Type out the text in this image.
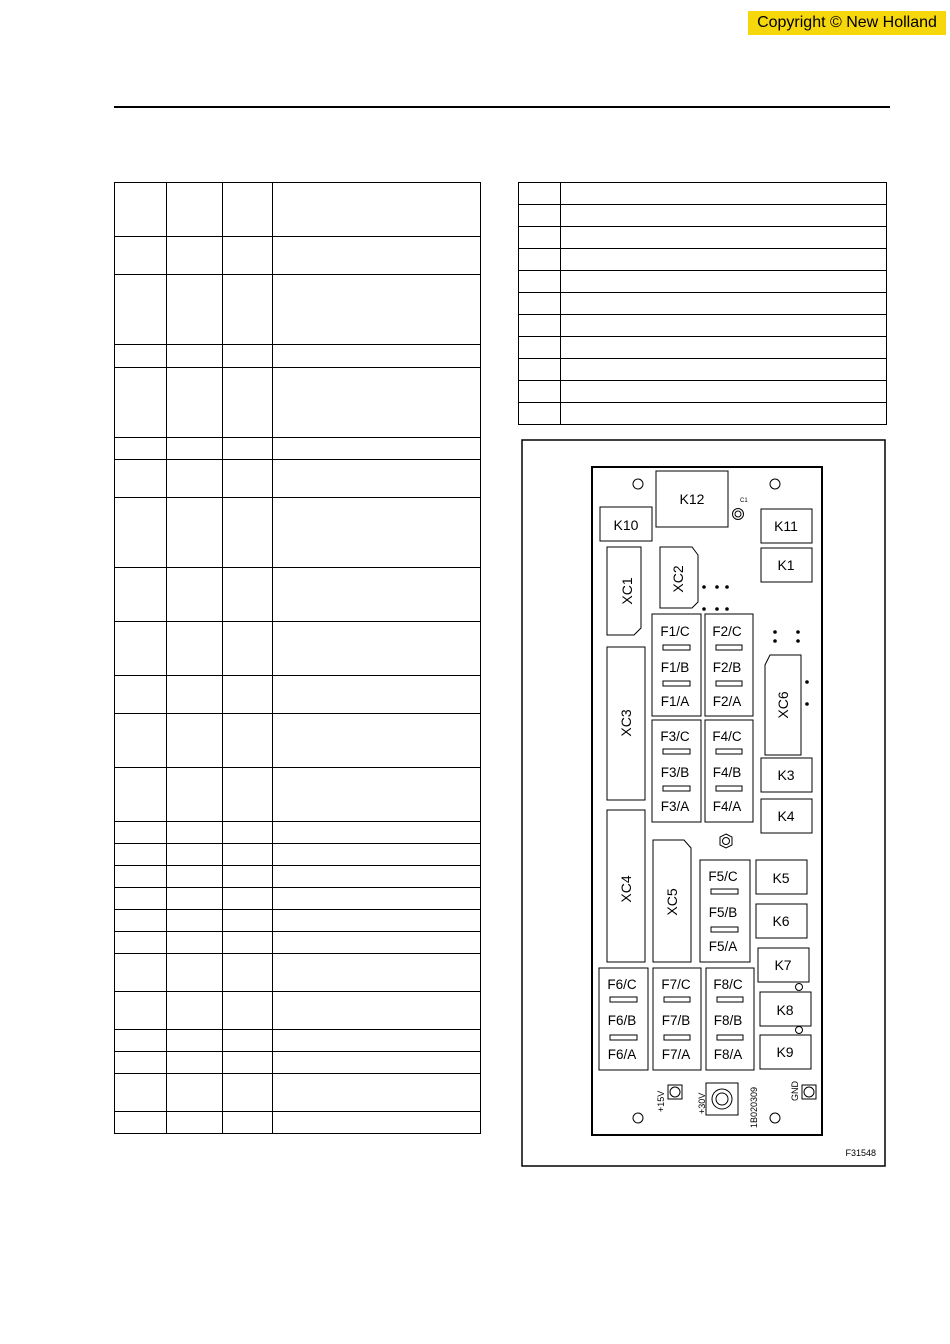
Copyright © New Holland

K12
K10	K11
K1
K3
K4
K5
K6
K7
K8
K9
C1
XC1	XC2
XC3
XC4 XC5
XC6
F1/C
F1/B
F1/A
F2/C
F2/B
F2/A
F3/C
F3/B
F3/A
F4/C
F4/B
F4/A
F5/C
F5/B
F5/A
F6/C
F6/B
F6/A
F7/C
F7/B
F7/A
F8/C
F8/B
F8/A
+15V	+30V
GND
1B020309
F31548
